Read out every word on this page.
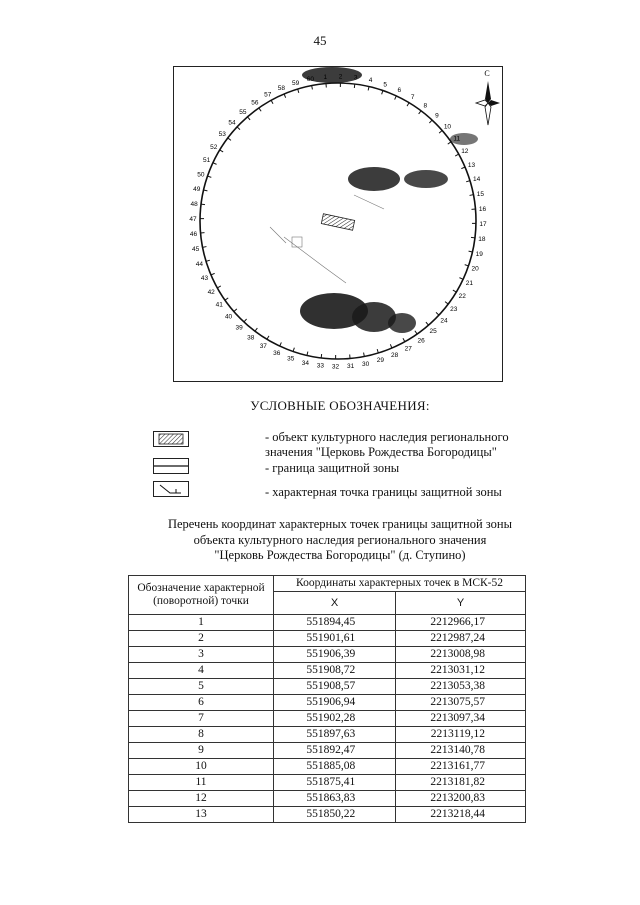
45
1 2 3 4
5
6
7
8
9
10
11
12
13
14
15
16
17
18
19
20
21
22
23
24
25
26
27
28
29
30
31
32
33
34
35
36
37
38
39
40
41
42
43
44
45
46
47
48
49
50
51
52
53
54
55
56
57
58
59
60
С
УСЛОВНЫЕ ОБОЗНАЧЕНИЯ:
- объект культурного наследия регионального значения "Церковь Рождества Богородицы"
- граница защитной зоны
- характерная точка границы защитной зоны
Перечень координат характерных точек границы защитной зоны
объекта культурного наследия регионального значения
"Церковь Рождества Богородицы" (д. Ступино)
Обозначение характерной (поворотной) точки	Координаты характерных точек в МСК-52	
	X	Y
1	551894,45	2212966,17
2	551901,61	2212987,24
3	551906,39	2213008,98
4	551908,72	2213031,12
5	551908,57	2213053,38
6	551906,94	2213075,57
7	551902,28	2213097,34
8	551897,63	2213119,12
9	551892,47	2213140,78
10	551885,08	2213161,77
11	551875,41	2213181,82
12	551863,83	2213200,83
13	551850,22	2213218,44
